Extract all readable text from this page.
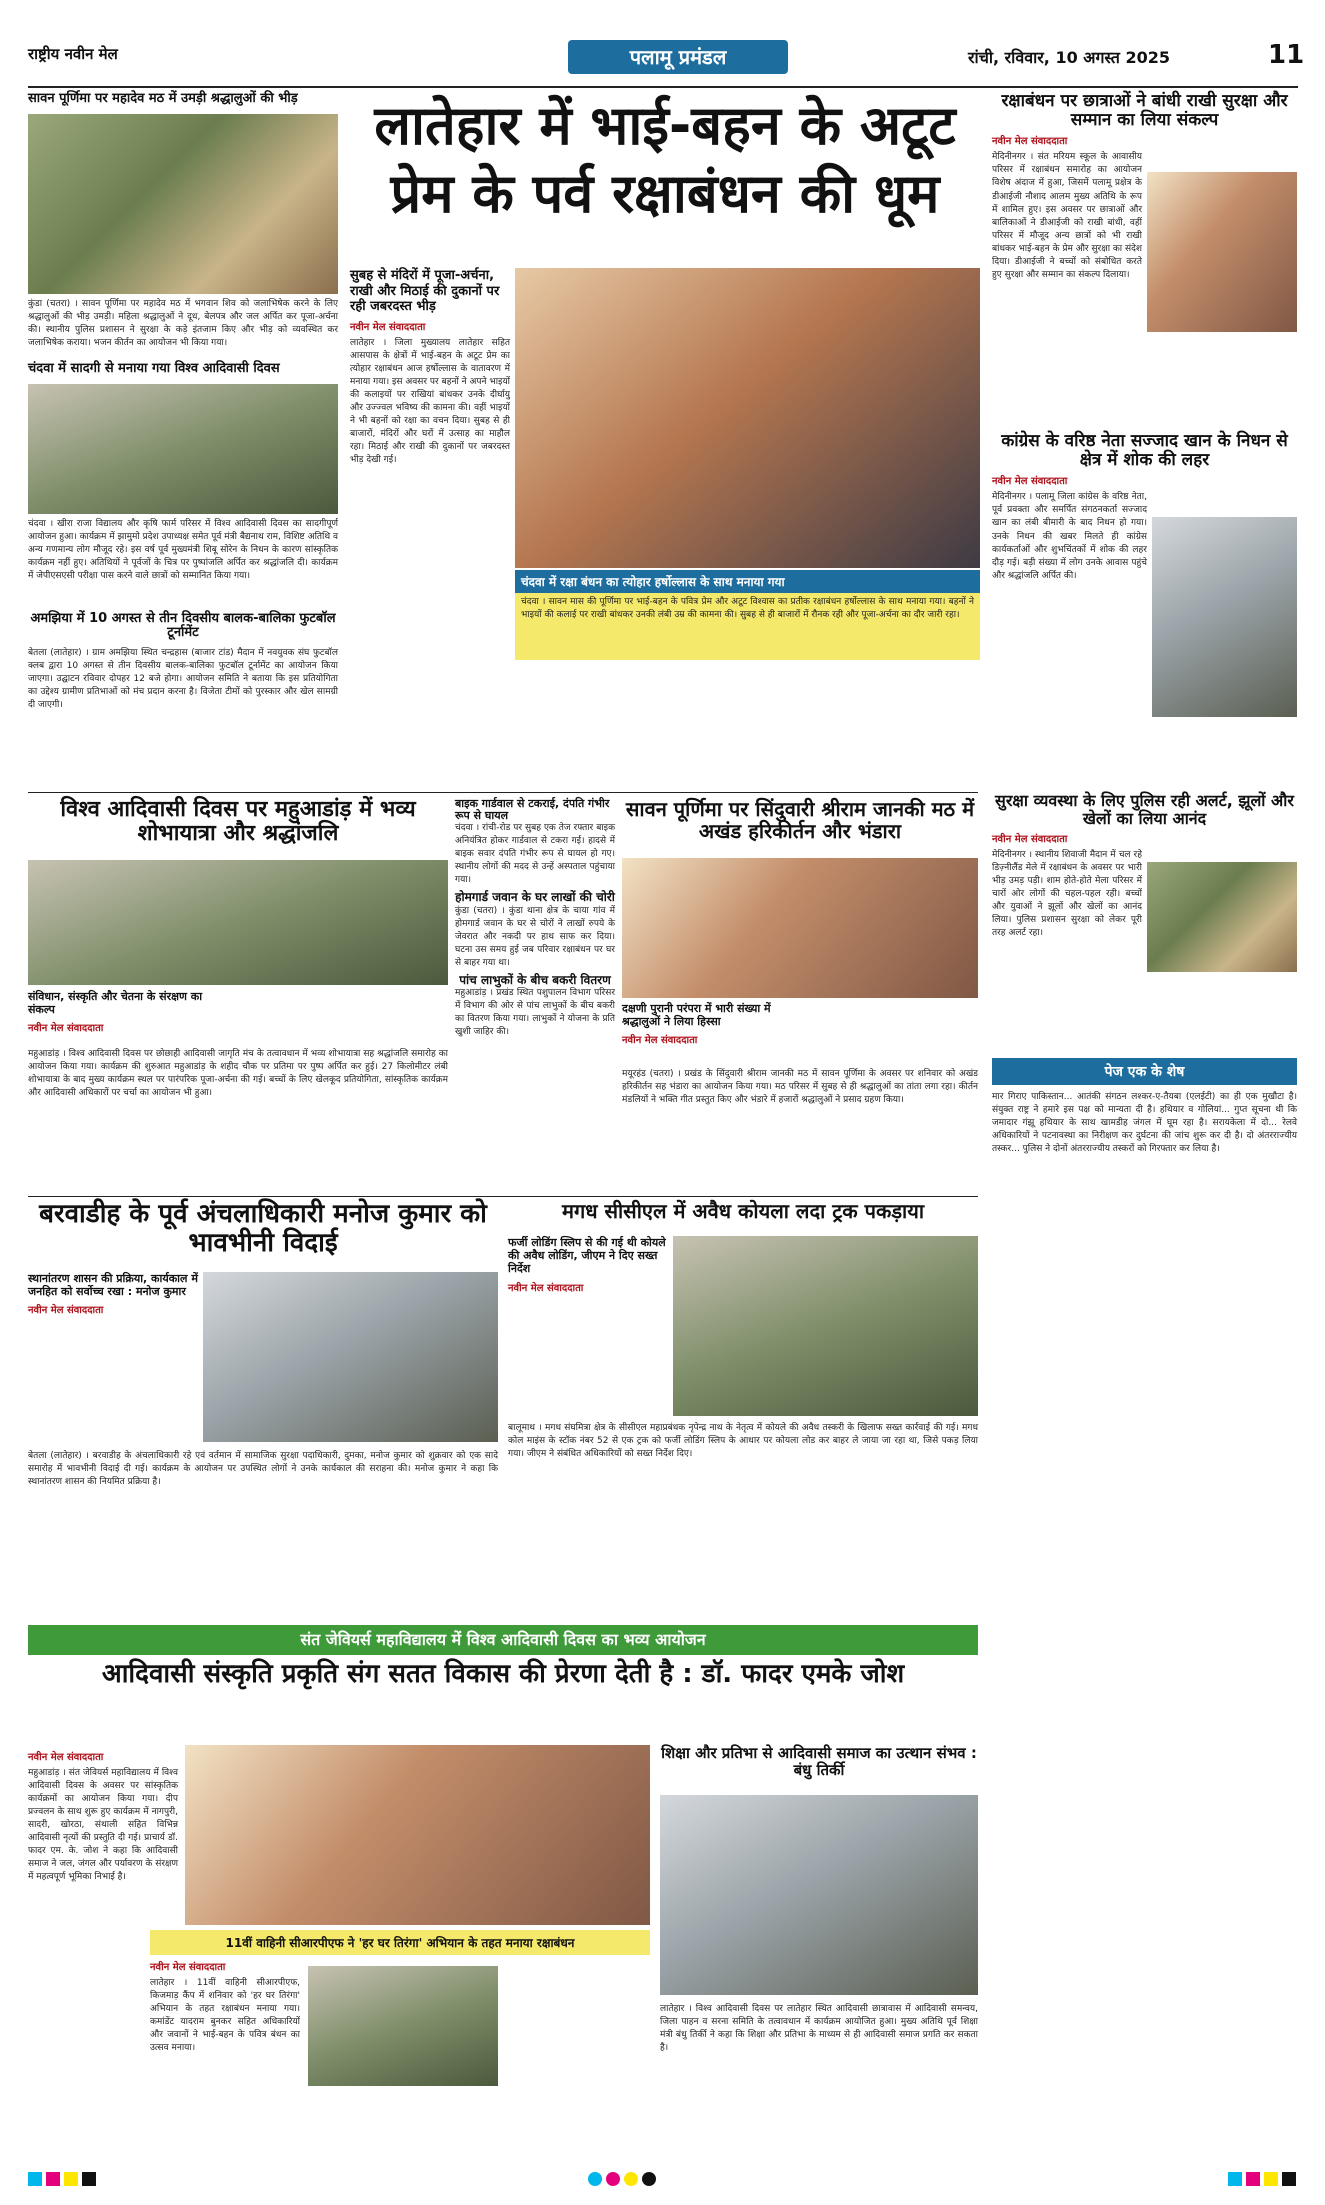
राष्ट्रीय नवीन मेल	पलामू प्रमंडल	रांची, रविवार, 10 अगस्त 2025	11
सावन पूर्णिमा पर महादेव मठ में उमड़ी श्रद्धालुओं की भीड़
कुंडा (चतरा) । सावन पूर्णिमा पर महादेव मठ में भगवान शिव को जलाभिषेक करने के लिए श्रद्धालुओं की भीड़ उमड़ी। महिला श्रद्धालुओं ने दूध, बेलपत्र और जल अर्पित कर पूजा-अर्चना की। स्थानीय पुलिस प्रशासन ने सुरक्षा के कड़े इंतजाम किए और भीड़ को व्यवस्थित कर जलाभिषेक कराया। भजन कीर्तन का आयोजन भी किया गया।
चंदवा में सादगी से मनाया गया विश्व आदिवासी दिवस
चंदवा । खीरा राजा विद्यालय और कृषि फार्म परिसर में विश्व आदिवासी दिवस का सादगीपूर्ण आयोजन हुआ। कार्यक्रम में झामुमो प्रदेश उपाध्यक्ष समेत पूर्व मंत्री बैद्यनाथ राम, विशिष्ट अतिथि व अन्य गणमान्य लोग मौजूद रहे। इस वर्ष पूर्व मुख्यमंत्री शिबू सोरेन के निधन के कारण सांस्कृतिक कार्यक्रम नहीं हुए। अतिथियों ने पूर्वजों के चित्र पर पुष्पांजलि अर्पित कर श्रद्धांजलि दी। कार्यक्रम में जेपीएसएसी परीक्षा पास करने वाले छात्रों को सम्मानित किया गया।
अमझिया में 10 अगस्त से तीन दिवसीय बालक-बालिका फुटबॉल टूर्नामेंट
बेतला (लातेहार) । ग्राम अमझिया स्थित चन्द्रहास (बाजार टांड) मैदान में नवयुवक संघ फुटबॉल क्लब द्वारा 10 अगस्त से तीन दिवसीय बालक-बालिका फुटबॉल टूर्नामेंट का आयोजन किया जाएगा। उद्घाटन रविवार दोपहर 12 बजे होगा। आयोजन समिति ने बताया कि इस प्रतियोगिता का उद्देश्य ग्रामीण प्रतिभाओं को मंच प्रदान करना है। विजेता टीमों को पुरस्कार और खेल सामग्री दी जाएगी।
लातेहार में भाई-बहन के अटूट प्रेम के पर्व रक्षाबंधन की धूम
सुबह से मंदिरों में पूजा-अर्चना, राखी और मिठाई की दुकानों पर रही जबरदस्त भीड़
नवीन मेल संवाददाता
लातेहार । जिला मुख्यालय लातेहार सहित आसपास के क्षेत्रों में भाई-बहन के अटूट प्रेम का त्योहार रक्षाबंधन आज हर्षोल्लास के वातावरण में मनाया गया। इस अवसर पर बहनों ने अपने भाइयों की कलाइयों पर राखियां बांधकर उनके दीर्घायु और उज्ज्वल भविष्य की कामना की। वहीं भाइयों ने भी बहनों को रक्षा का वचन दिया। सुबह से ही बाजारों, मंदिरों और घरों में उत्साह का माहौल रहा। मिठाई और राखी की दुकानों पर जबरदस्त भीड़ देखी गई।
चंदवा में रक्षा बंधन का त्योहार हर्षोल्लास के साथ मनाया गया
चंदवा । सावन मास की पूर्णिमा पर भाई-बहन के पवित्र प्रेम और अटूट विश्वास का प्रतीक रक्षाबंधन हर्षोल्लास के साथ मनाया गया। बहनों ने भाइयों की कलाई पर राखी बांधकर उनकी लंबी उम्र की कामना की। सुबह से ही बाजारों में रौनक रही और पूजा-अर्चना का दौर जारी रहा।
रक्षाबंधन पर छात्राओं ने बांधी राखी सुरक्षा और सम्मान का लिया संकल्प
नवीन मेल संवाददाता
मेदिनीनगर । संत मरियम स्कूल के आवासीय परिसर में रक्षाबंधन समारोह का आयोजन विशेष अंदाज में हुआ, जिसमें पलामू प्रक्षेत्र के डीआईजी नौशाद आलम मुख्य अतिथि के रूप में शामिल हुए। इस अवसर पर छात्राओं और बालिकाओं ने डीआईजी को राखी बांधी, वहीं परिसर में मौजूद अन्य छात्रों को भी राखी बांधकर भाई-बहन के प्रेम और सुरक्षा का संदेश दिया। डीआईजी ने बच्चों को संबोधित करते हुए सुरक्षा और सम्मान का संकल्प दिलाया।
कांग्रेस के वरिष्ठ नेता सज्जाद खान के निधन से क्षेत्र में शोक की लहर
नवीन मेल संवाददाता
मेदिनीनगर । पलामू जिला कांग्रेस के वरिष्ठ नेता, पूर्व प्रवक्ता और समर्पित संगठनकर्ता सज्जाद खान का लंबी बीमारी के बाद निधन हो गया। उनके निधन की खबर मिलते ही कांग्रेस कार्यकर्ताओं और शुभचिंतकों में शोक की लहर दौड़ गई। बड़ी संख्या में लोग उनके आवास पहुंचे और श्रद्धांजलि अर्पित की।
विश्व आदिवासी दिवस पर महुआडांड़ में भव्य शोभायात्रा और श्रद्धांजलि
संविधान, संस्कृति और चेतना के संरक्षण का संकल्प
नवीन मेल संवाददाता
महुआडांड़ । विश्व आदिवासी दिवस पर छोछाही आदिवासी जागृति मंच के तत्वावधान में भव्य शोभायात्रा सह श्रद्धांजलि समारोह का आयोजन किया गया। कार्यक्रम की शुरुआत महुआडांड़ के शहीद चौक पर प्रतिमा पर पुष्प अर्पित कर हुई। 27 किलोमीटर लंबी शोभायात्रा के बाद मुख्य कार्यक्रम स्थल पर पारंपरिक पूजा-अर्चना की गई। बच्चों के लिए खेलकूद प्रतियोगिता, सांस्कृतिक कार्यक्रम और आदिवासी अधिकारों पर चर्चा का आयोजन भी हुआ।
बाइक गार्डवाल से टकराई, दंपति गंभीर रूप से घायल
चंदवा । रांची-रोड पर सुबह एक तेज रफ्तार बाइक अनियंत्रित होकर गार्डवाल से टकरा गई। हादसे में बाइक सवार दंपति गंभीर रूप से घायल हो गए। स्थानीय लोगों की मदद से उन्हें अस्पताल पहुंचाया गया।
होमगार्ड जवान के घर लाखों की चोरी
कुंडा (चतरा) । कुंडा थाना क्षेत्र के चाया गांव में होमगार्ड जवान के घर से चोरों ने लाखों रुपये के जेवरात और नकदी पर हाथ साफ कर दिया। घटना उस समय हुई जब परिवार रक्षाबंधन पर घर से बाहर गया था।
पांच लाभुकों के बीच बकरी वितरण
महुआडांड़ । प्रखंड स्थित पशुपालन विभाग परिसर में विभाग की ओर से पांच लाभुकों के बीच बकरी का वितरण किया गया। लाभुकों ने योजना के प्रति खुशी जाहिर की।
सावन पूर्णिमा पर सिंदुवारी श्रीराम जानकी मठ में अखंड हरिकीर्तन और भंडारा
दक्षणी पुरानी परंपरा में भारी संख्या में श्रद्धालुओं ने लिया हिस्सा
नवीन मेल संवाददाता
मयूरहंड (चतरा) । प्रखंड के सिंदुवारी श्रीराम जानकी मठ में सावन पूर्णिमा के अवसर पर शनिवार को अखंड हरिकीर्तन सह भंडारा का आयोजन किया गया। मठ परिसर में सुबह से ही श्रद्धालुओं का तांता लगा रहा। कीर्तन मंडलियों ने भक्ति गीत प्रस्तुत किए और भंडारे में हजारों श्रद्धालुओं ने प्रसाद ग्रहण किया।
सुरक्षा व्यवस्था के लिए पुलिस रही अलर्ट, झूलों और खेलों का लिया आनंद
नवीन मेल संवाददाता
मेदिनीनगर । स्थानीय शिवाजी मैदान में चल रहे डिज़्नीलैंड मेले में रक्षाबंधन के अवसर पर भारी भीड़ उमड़ पड़ी। शाम होते-होते मेला परिसर में चारों ओर लोगों की चहल-पहल रही। बच्चों और युवाओं ने झूलों और खेलों का आनंद लिया। पुलिस प्रशासन सुरक्षा को लेकर पूरी तरह अलर्ट रहा।
पेज एक के शेष
मार गिराए पाकिस्तान... आतंकी संगठन लश्कर-ए-तैयबा (एलईटी) का ही एक मुखौटा है। संयुक्त राष्ट्र ने हमारे इस पक्ष को मान्यता दी है। हथियार व गोलियां... गुप्त सूचना थी कि जमादार गंझू हथियार के साथ खामडीह जंगल में घूम रहा है। सरायकेला में दो... रेलवे अधिकारियों ने पटनावस्था का निरीक्षण कर दुर्घटना की जांच शुरू कर दी है। दो अंतरराज्यीय तस्कर... पुलिस ने दोनों अंतरराज्यीय तस्करों को गिरफ्तार कर लिया है।
बरवाडीह के पूर्व अंचलाधिकारी मनोज कुमार को भावभीनी विदाई
स्थानांतरण शासन की प्रक्रिया, कार्यकाल में जनहित को सर्वोच्च रखा : मनोज कुमार
नवीन मेल संवाददाता
बेतला (लातेहार) । बरवाडीह के अंचलाधिकारी रहे एवं वर्तमान में सामाजिक सुरक्षा पदाधिकारी, दुमका, मनोज कुमार को शुक्रवार को एक सादे समारोह में भावभीनी विदाई दी गई। कार्यक्रम के आयोजन पर उपस्थित लोगों ने उनके कार्यकाल की सराहना की। मनोज कुमार ने कहा कि स्थानांतरण शासन की नियमित प्रक्रिया है।
मगध सीसीएल में अवैध कोयला लदा ट्रक पकड़ाया
फर्जी लोडिंग स्लिप से की गई थी कोयले की अवैध लोडिंग, जीएम ने दिए सख्त निर्देश
नवीन मेल संवाददाता
बालूमाथ । मगध संघमित्रा क्षेत्र के सीसीएल महाप्रबंधक नृपेन्द्र नाथ के नेतृत्व में कोयले की अवैध तस्करी के खिलाफ सख्त कार्रवाई की गई। मगध कोल माइंस के स्टॉक नंबर 52 से एक ट्रक को फर्जी लोडिंग स्लिप के आधार पर कोयला लोड कर बाहर ले जाया जा रहा था, जिसे पकड़ लिया गया। जीएम ने संबंधित अधिकारियों को सख्त निर्देश दिए।
संत जेवियर्स महाविद्यालय में विश्व आदिवासी दिवस का भव्य आयोजन
आदिवासी संस्कृति प्रकृति संग सतत विकास की प्रेरणा देती है : डॉ. फादर एमके जोश
नवीन मेल संवाददाता
महुआडांड़ । संत जेवियर्स महाविद्यालय में विश्व आदिवासी दिवस के अवसर पर सांस्कृतिक कार्यक्रमों का आयोजन किया गया। दीप प्रज्वलन के साथ शुरू हुए कार्यक्रम में नागपुरी, सादरी, खोरठा, संथाली सहित विभिन्न आदिवासी नृत्यों की प्रस्तुति दी गई। प्राचार्य डॉ. फादर एम. के. जोश ने कहा कि आदिवासी समाज ने जल, जंगल और पर्यावरण के संरक्षण में महत्वपूर्ण भूमिका निभाई है।
11वीं वाहिनी सीआरपीएफ ने 'हर घर तिरंगा' अभियान के तहत मनाया रक्षाबंधन
नवीन मेल संवाददाता
लातेहार । 11वीं वाहिनी सीआरपीएफ, किजमाड़ कैंप में शनिवार को 'हर घर तिरंगा' अभियान के तहत रक्षाबंधन मनाया गया। कमांडेंट यादराम बुनकर सहित अधिकारियों और जवानों ने भाई-बहन के पवित्र बंधन का उत्सव मनाया।
शिक्षा और प्रतिभा से आदिवासी समाज का उत्थान संभव : बंधु तिर्की
लातेहार । विश्व आदिवासी दिवस पर लातेहार स्थित आदिवासी छात्रावास में आदिवासी समन्वय, जिला पाहन व सरना समिति के तत्वावधान में कार्यक्रम आयोजित हुआ। मुख्य अतिथि पूर्व शिक्षा मंत्री बंधु तिर्की ने कहा कि शिक्षा और प्रतिभा के माध्यम से ही आदिवासी समाज प्रगति कर सकता है।
